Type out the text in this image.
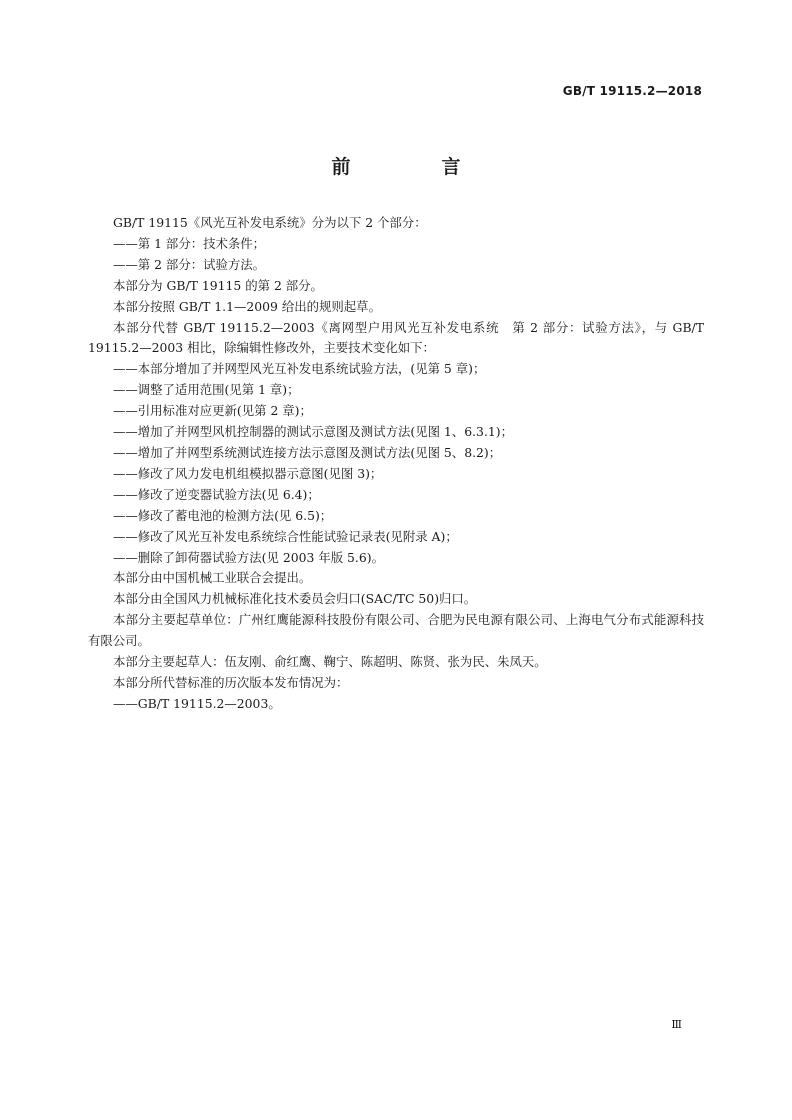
GB/T 19115.2—2018
前　言

GB/T 19115《风光互补发电系统》分为以下 2 个部分：

——第 1 部分：技术条件；

——第 2 部分：试验方法。

本部分为 GB/T 19115 的第 2 部分。

本部分按照 GB/T 1.1—2009 给出的规则起草。

本部分代替 GB/T 19115.2—2003《离网型户用风光互补发电系统　第 2 部分：试验方法》，与 GB/T 19115.2—2003 相比，除编辑性修改外，主要技术变化如下：

——本部分增加了并网型风光互补发电系统试验方法，(见第 5 章)；

——调整了适用范围(见第 1 章)；

——引用标准对应更新(见第 2 章)；

——增加了并网型风机控制器的测试示意图及测试方法(见图 1、6.3.1)；

——增加了并网型系统测试连接方法示意图及测试方法(见图 5、8.2)；

——修改了风力发电机组模拟器示意图(见图 3)；

——修改了逆变器试验方法(见 6.4)；

——修改了蓄电池的检测方法(见 6.5)；

——修改了风光互补发电系统综合性能试验记录表(见附录 A)；

——删除了卸荷器试验方法(见 2003 年版 5.6)。

本部分由中国机械工业联合会提出。

本部分由全国风力机械标准化技术委员会归口(SAC/TC 50)归口。

本部分主要起草单位：广州红鹰能源科技股份有限公司、合肥为民电源有限公司、上海电气分布式能源科技有限公司。

本部分主要起草人：伍友刚、俞红鹰、鞠宁、陈超明、陈贤、张为民、朱凤天。

本部分所代替标准的历次版本发布情况为：

——GB/T 19115.2—2003。

Ⅲ
